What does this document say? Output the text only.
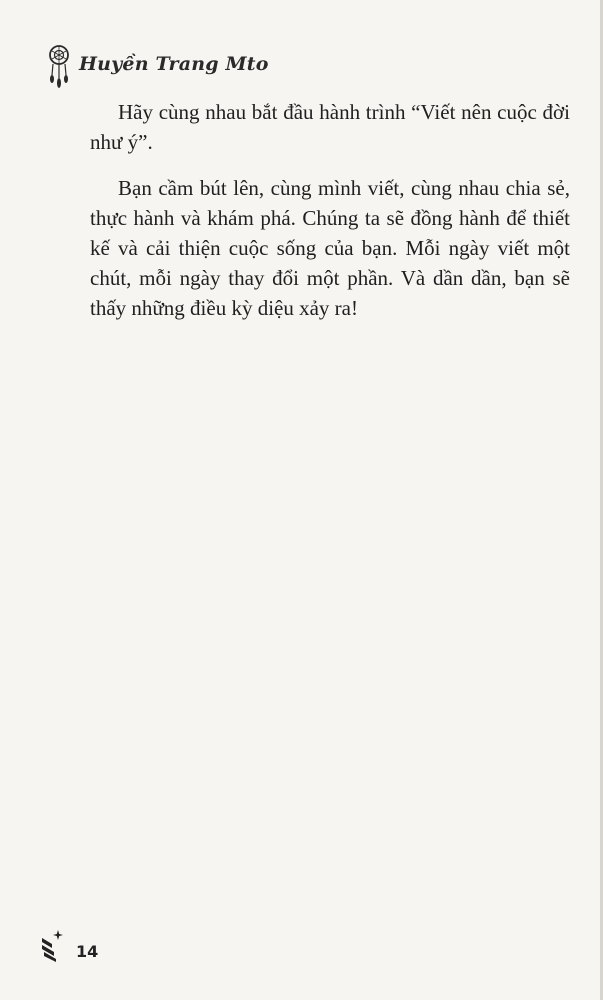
Huyền Trang Mto

Hãy cùng nhau bắt đầu hành trình “Viết nên cuộc đời như ý”.

Bạn cầm bút lên, cùng mình viết, cùng nhau chia sẻ, thực hành và khám phá. Chúng ta sẽ đồng hành để thiết kế và cải thiện cuộc sống của bạn. Mỗi ngày viết một chút, mỗi ngày thay đổi một phần. Và dần dần, bạn sẽ thấy những điều kỳ diệu xảy ra!

14
